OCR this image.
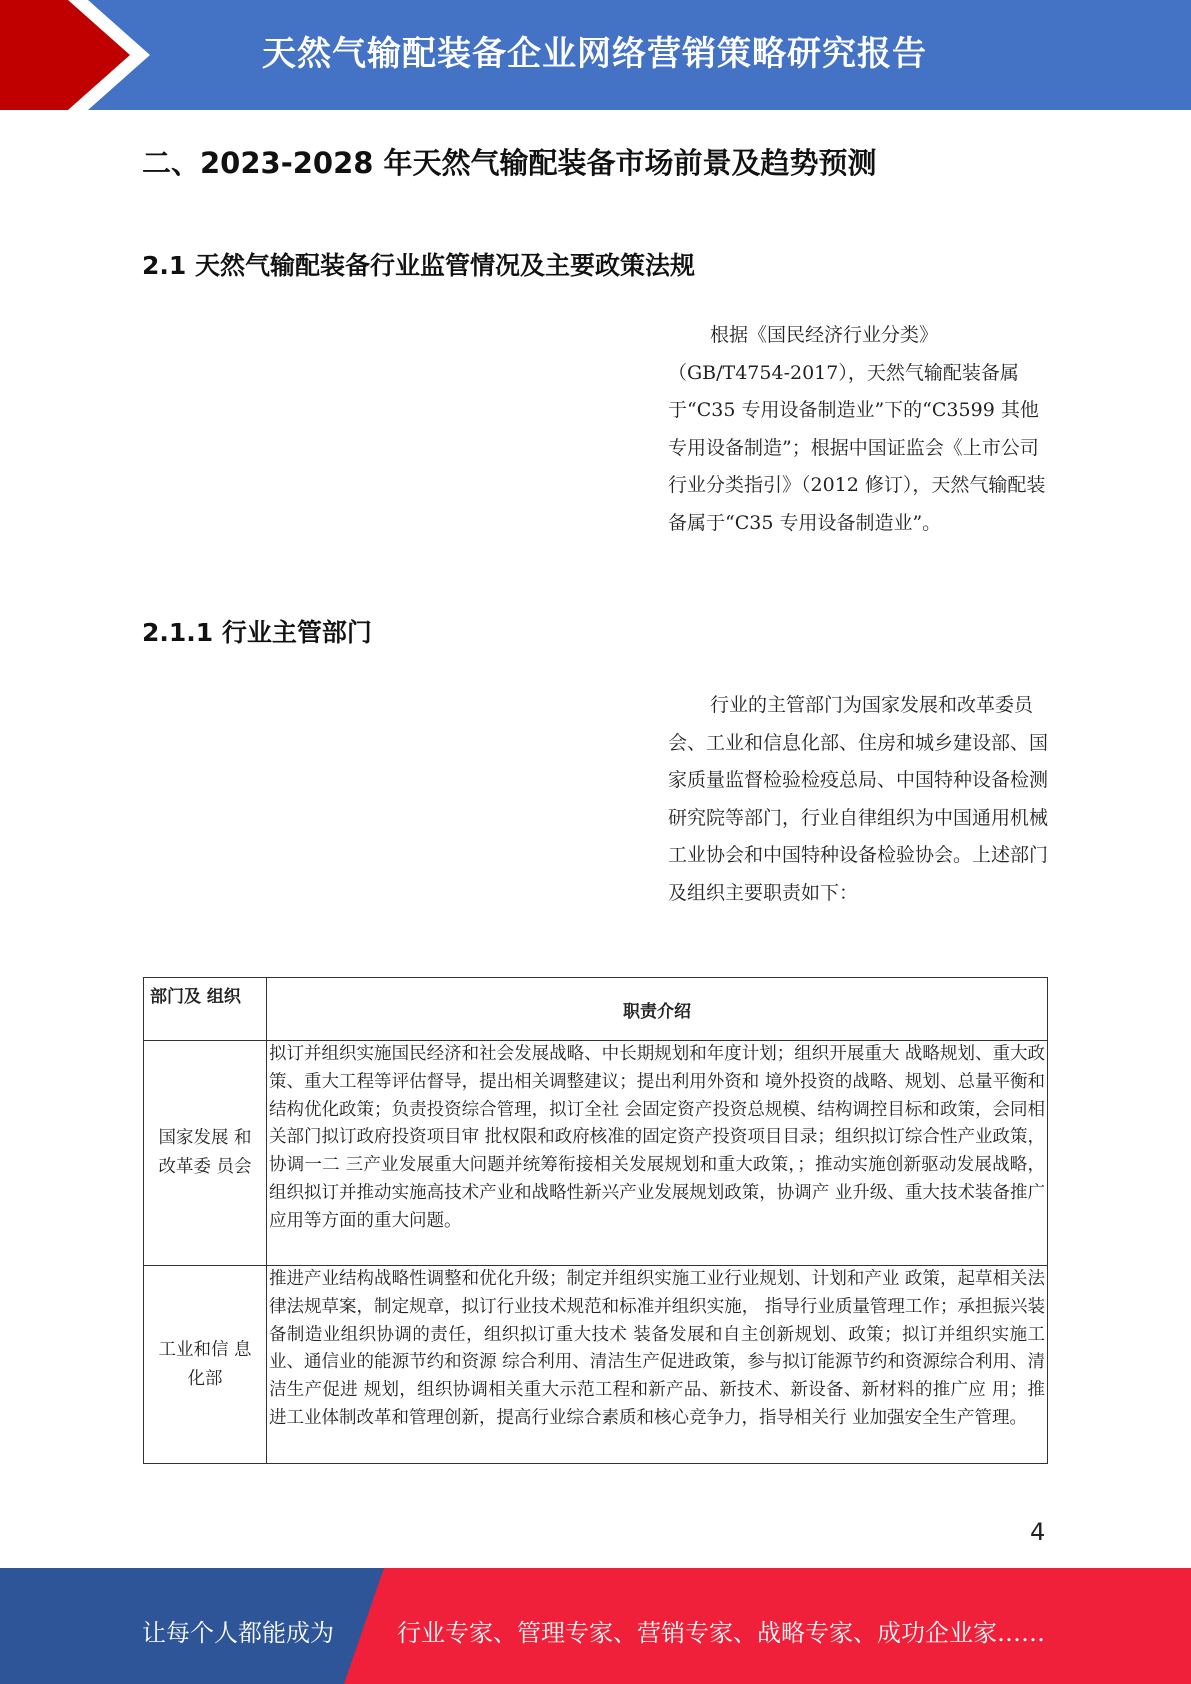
天然气输配装备企业网络营销策略研究报告
二、2023-2028 年天然气输配装备市场前景及趋势预测
2.1 天然气输配装备行业监管情况及主要政策法规

根据《国民经济行业分类》（GB/T4754-2017），天然气输配装备属于“C35 专用设备制造业”下的“C3599 其他专用设备制造”；根据中国证监会《上市公司行业分类指引》（2012 修订），天然气输配装备属于“C35 专用设备制造业”。

2.1.1 行业主管部门

行业的主管部门为国家发展和改革委员会、工业和信息化部、住房和城乡建设部、国家质量监督检验检疫总局、中国特种设备检测研究院等部门，行业自律组织为中国通用机械工业协会和中国特种设备检验协会。上述部门及组织主要职责如下：

部门及 组织	职责介绍
国家发展 和改革委 员会	拟订并组织实施国民经济和社会发展战略、中长期规划和年度计划；组织开展重大 战略规划、重大政策、重大工程等评估督导，提出相关调整建议；提出利用外资和 境外投资的战略、规划、总量平衡和结构优化政策；负责投资综合管理，拟订全社 会固定资产投资总规模、结构调控目标和政策，会同相关部门拟订政府投资项目审 批权限和政府核准的固定资产投资项目目录；组织拟订综合性产业政策，协调一二 三产业发展重大问题并统筹衔接相关发展规划和重大政策，；推动实施创新驱动发展战略，组织拟订并推动实施高技术产业和战略性新兴产业发展规划政策，协调产 业升级、重大技术装备推广应用等方面的重大问题。
工业和信 息化部	推进产业结构战略性调整和优化升级；制定并组织实施工业行业规划、计划和产业 政策，起草相关法律法规草案，制定规章，拟订行业技术规范和标准并组织实施， 指导行业质量管理工作；承担振兴装备制造业组织协调的责任，组织拟订重大技术 装备发展和自主创新规划、政策；拟订并组织实施工业、通信业的能源节约和资源 综合利用、清洁生产促进政策，参与拟订能源节约和资源综合利用、清洁生产促进 规划，组织协调相关重大示范工程和新产品、新技术、新设备、新材料的推广应 用；推进工业体制改革和管理创新，提高行业综合素质和核心竞争力，指导相关行 业加强安全生产管理。
4
让每个人都能成为	行业专家、管理专家、营销专家、战略专家、成功企业家……
